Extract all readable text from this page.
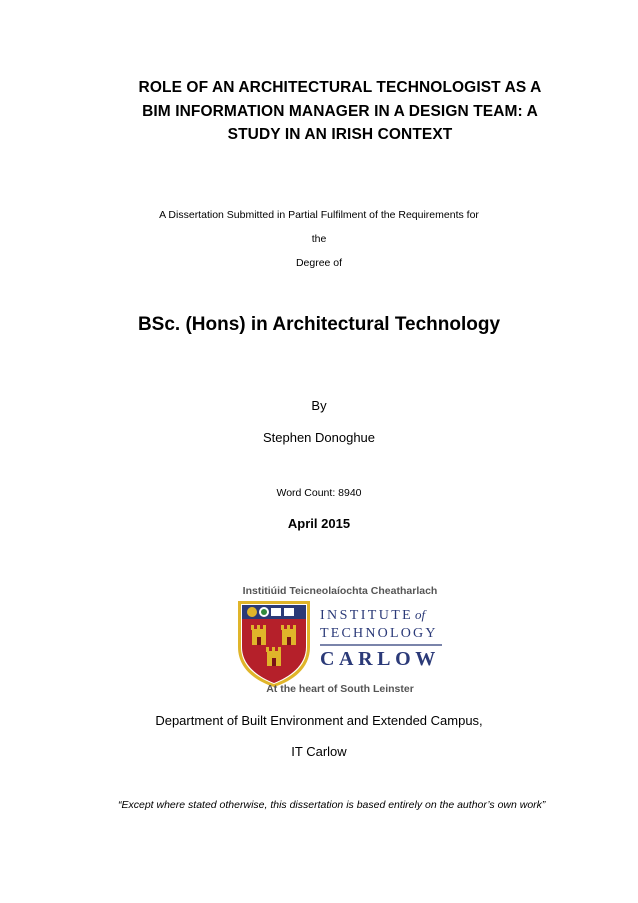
ROLE OF AN ARCHITECTURAL TECHNOLOGIST AS A
BIM INFORMATION MANAGER IN A DESIGN TEAM: A
STUDY IN AN IRISH CONTEXT
A Dissertation Submitted in Partial Fulfilment of the Requirements for
the
Degree of
BSc. (Hons) in Architectural Technology
By
Stephen Donoghue
Word Count: 8940
April 2015
Institiúid Teicneolaíochta Cheatharlach
INSTITUTE of
TECHNOLOGY
CARLOW
At the heart of South Leinster
Department of Built Environment and Extended Campus,
IT Carlow
“Except where stated otherwise, this dissertation is based entirely on the author’s own work”
